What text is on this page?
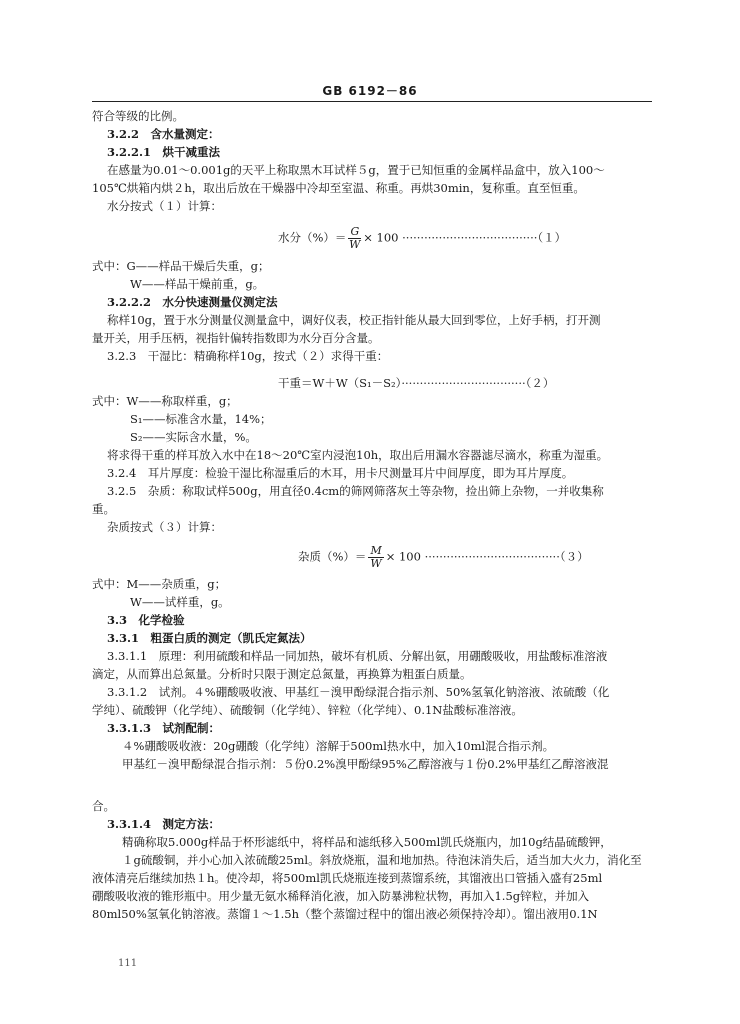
GB 6192－86
符合等级的比例。
3.2.2　含水量测定：
3.2.2.1　烘干减重法
在感量为0.01～0.001g的天平上称取黑木耳试样５g，置于已知恒重的金属样品盒中，放入100～
105℃烘箱内烘２h，取出后放在干燥器中冷却至室温、称重。再烘30min，复称重。直至恒重。
水分按式（１）计算：
水分（%）＝ $\frac{G}{W} \times 100 \cdot\cdot\cdot\cdot\cdot\cdot\cdot\cdot\cdot\cdot\cdot\cdot\cdot\cdot\cdot\cdot\cdot\cdot\cdot\cdot\cdot\cdot\cdot\cdot\cdot\cdot\cdot\cdot\cdot\cdot\cdot\cdot\cdot\cdot\cdot\cdot\cdot(1)$
式中：G——样品干燥后失重，g；
W——样品干燥前重，g。
3.2.2.2　水分快速测量仪测定法
称样10g，置于水分测量仪测量盒中，调好仪表，校正指针能从最大回到零位，上好手柄，打开测
量开关，用手压柄，视指针偏转指数即为水分百分含量。
3.2.3　干湿比：精确称样10g，按式（２）求得干重：
干重＝W＋W（S₁－S₂）··································（２）
式中：W——称取样重，g；
S₁——标准含水量，14%；
S₂——实际含水量，%。
将求得干重的样耳放入水中在18～20℃室内浸泡10h，取出后用漏水容器滤尽滴水，称重为湿重。
3.2.4　耳片厚度：检验干湿比称湿重后的木耳，用卡尺测量耳片中间厚度，即为耳片厚度。
3.2.5　杂质：称取试样500g，用直径0.4cm的筛网筛落灰土等杂物，捡出筛上杂物，一并收集称
重。
杂质按式（３）计算：
杂质（%）＝ $\frac{M}{W} \times 100 \cdot\cdot\cdot\cdot\cdot\cdot\cdot\cdot\cdot\cdot\cdot\cdot\cdot\cdot\cdot\cdot\cdot\cdot\cdot\cdot\cdot\cdot\cdot\cdot\cdot\cdot\cdot\cdot\cdot\cdot\cdot\cdot\cdot\cdot\cdot\cdot\cdot(3)$
式中：M——杂质重，g；
W——试样重，g。
3.3　化学检验
3.3.1　粗蛋白质的测定（凯氏定氮法）
3.3.1.1　原理：利用硫酸和样品一同加热，破坏有机质、分解出氨，用硼酸吸收，用盐酸标准溶液
滴定，从而算出总氮量。分析时只限于测定总氮量，再换算为粗蛋白质量。
3.3.1.2　试剂。４%硼酸吸收液、甲基红－溴甲酚绿混合指示剂、50%氢氧化钠溶液、浓硫酸（化
学纯）、硫酸钾（化学纯）、硫酸铜（化学纯）、锌粒（化学纯）、0.1N盐酸标准溶液。
3.3.1.3　试剂配制：
４%硼酸吸收液：20g硼酸（化学纯）溶解于500ml热水中，加入10ml混合指示剂。
甲基红－溴甲酚绿混合指示剂：５份0.2%溴甲酚绿95%乙醇溶液与１份0.2%甲基红乙醇溶液混
合。
3.3.1.4　测定方法：
精确称取5.000g样品于杯形滤纸中，将样品和滤纸移入500ml凯氏烧瓶内，加10g结晶硫酸钾，
１g硫酸铜，并小心加入浓硫酸25ml。斜放烧瓶，温和地加热。待泡沫消失后，适当加大火力，消化至
液体清亮后继续加热１h。使冷却，将500ml凯氏烧瓶连接到蒸馏系统，其馏液出口管插入盛有25ml
硼酸吸收液的锥形瓶中。用少量无氨水稀释消化液，加入防暴沸粒状物，再加入1.5g锌粒，并加入
80ml50%氢氧化钠溶液。蒸馏１～1.5h（整个蒸馏过程中的馏出液必须保持冷却）。馏出液用0.1N
111
